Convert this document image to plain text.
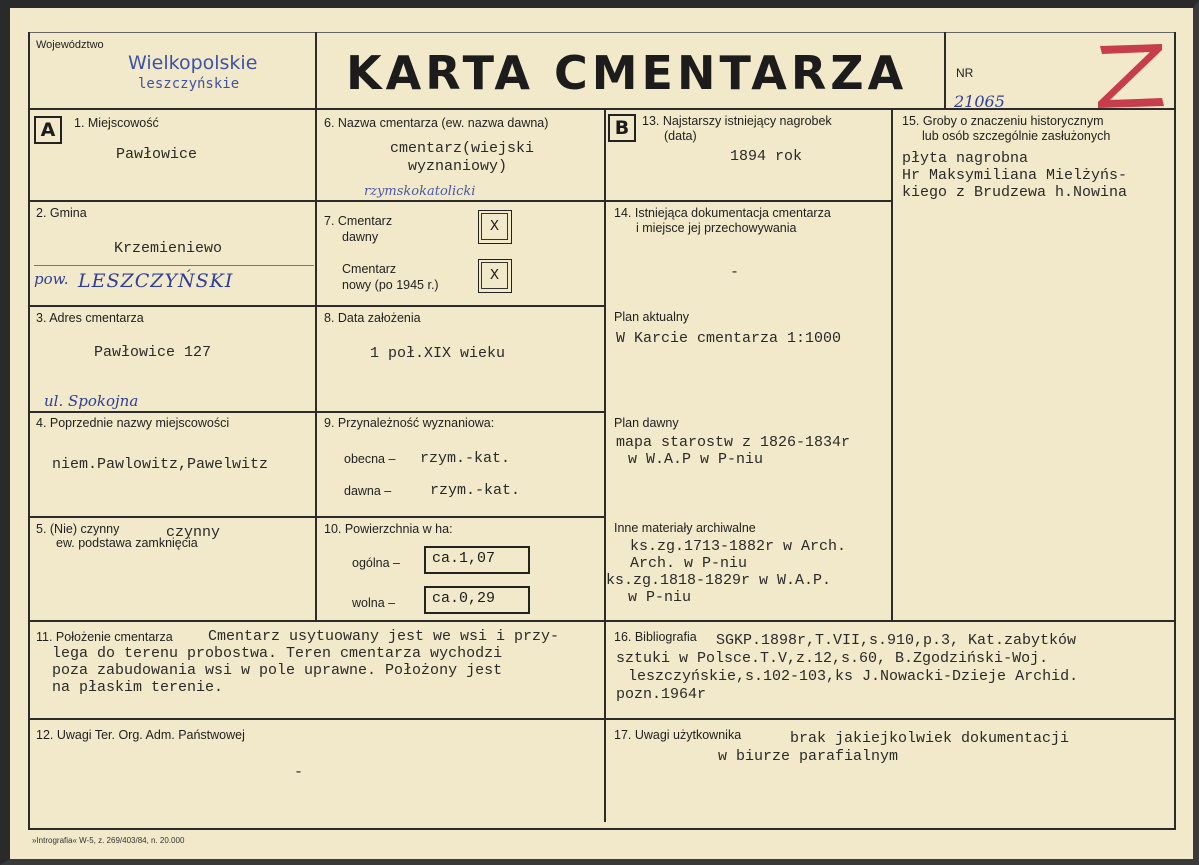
Województwo
Wielkopolskie
leszczyńskie KARTA CMENTARZA	NR
21065
Z
A	B
1. Miejscowość
Pawłowice
2. Gmina
Krzemieniewo
pow. LESZCZYŃSKI
3. Adres cmentarza
Pawłowice 127
ul. Spokojna
4. Poprzednie nazwy miejscowości
niem.Pawlowitz,Pawelwitz
5. (Nie) czynny
ew. podstawa zamknięcia
czynny
6. Nazwa cmentarza (ew. nazwa dawna)
cmentarz(wiejski
wyznaniowy)
rzymskokatolicki
7. Cmentarz
dawny
Cmentarz
nowy (po 1945 r.)
X
X
8. Data założenia
1 poł.XIX wieku
9. Przynależność wyznaniowa:
obecna – rzym.-kat.
dawna –	rzym.-kat.
10. Powierzchnia w ha:
ogólna –	ca.1,07
wolna –	ca.0,29
13. Najstarszy istniejący nagrobek
(data)
1894 rok
14. Istniejąca dokumentacja cmentarza
i miejsce jej przechowywania
-
Plan aktualny
W Karcie cmentarza 1:1000
Plan dawny
mapa starostw z 1826-1834r
w W.A.P w P-niu
Inne materiały archiwalne
ks.zg.1713-1882r w Arch.
Arch. w P-niu
ks.zg.1818-1829r w W.A.P.
w P-niu
15. Groby o znaczeniu historycznym
lub osób szczególnie zasłużonych
płyta nagrobna
Hr Maksymiliana Mielżyńs-
kiego z Brudzewa h.Nowina
11. Położenie cmentarza Cmentarz usytuowany jest we wsi i przy-
lega do terenu probostwa. Teren cmentarza wychodzi
poza zabudowania wsi w pole uprawne. Położony jest
na płaskim terenie.
16. Bibliografia SGKP.1898r,T.VII,s.910,p.3, Kat.zabytków
sztuki w Polsce.T.V,z.12,s.60, B.Zgodziński-Woj.
leszczyńskie,s.102-103,ks J.Nowacki-Dzieje Archid.
pozn.1964r
12. Uwagi Ter. Org. Adm. Państwowej
-
17. Uwagi użytkownika	brak jakiejkolwiek dokumentacji
w biurze parafialnym
»Intrografia« W-5, z. 269/403/84, n. 20.000
